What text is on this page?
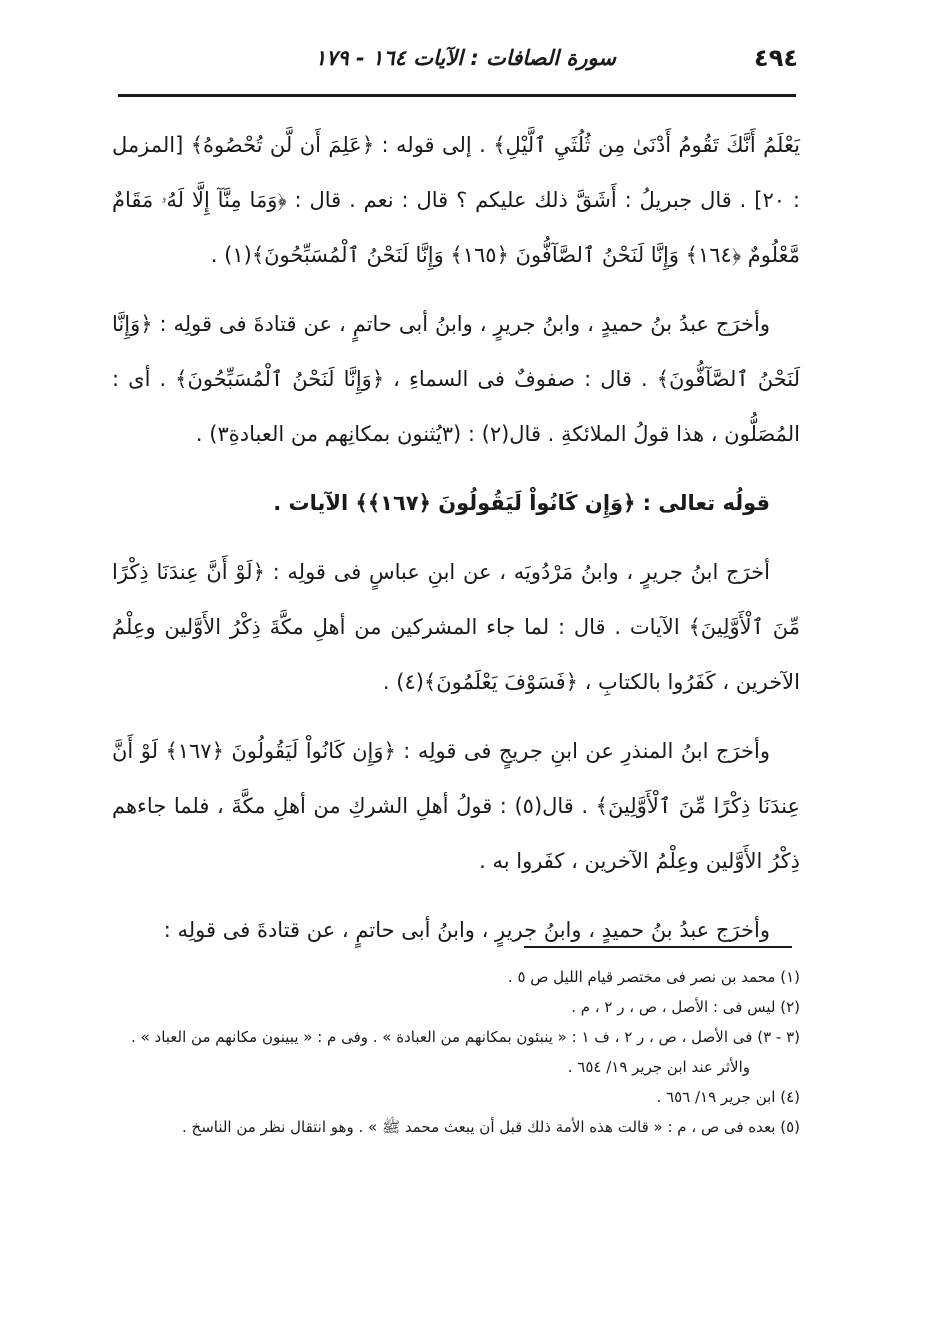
٤٩٤
سورة الصافات : الآيات ١٦٤ - ١٧٩

يَعْلَمُ أَنَّكَ تَقُومُ أَدْنَىٰ مِن ثُلُثَيِ ٱلَّيْلِ﴾ . إلى قوله : ﴿عَلِمَ أَن لَّن تُحْصُوهُ﴾ [المزمل : ٢٠] . قال جبريلُ : أَشَقَّ ذلك عليكم ؟ قال : نعم . قال : ﴿وَمَا مِنَّآ إِلَّا لَهُۥ مَقَامٌ مَّعْلُومٌ ﴿١٦٤﴾ وَإِنَّا لَنَحْنُ ٱلصَّآفُّونَ ﴿١٦٥﴾ وَإِنَّا لَنَحْنُ ٱلْمُسَبِّحُونَ﴾(١) .

وأخرَج عبدُ بنُ حميدٍ ، وابنُ جريرٍ ، وابنُ أبى حاتمٍ ، عن قتادةَ فى قولِه : ﴿وَإِنَّا لَنَحْنُ ٱلصَّآفُّونَ﴾ . قال : صفوفٌ فى السماءِ ، ﴿وَإِنَّا لَنَحْنُ ٱلْمُسَبِّحُونَ﴾ . أى : المُصَلُّون ، هذا قولُ الملائكةِ . قال(٢) : (٣يُثنون بمكانِهم من العبادةِ٣) .

قولُه تعالى : ﴿وَإِن كَانُواْ لَيَقُولُونَ ﴿١٦٧﴾﴾ الآيات .

أخرَج ابنُ جريرٍ ، وابنُ مَرْدُويَه ، عن ابنِ عباسٍ فى قولِه : ﴿لَوْ أَنَّ عِندَنَا ذِكْرًا مِّنَ ٱلْأَوَّلِينَ﴾ الآيات . قال : لما جاء المشركين من أهلِ مكَّةَ ذِكْرُ الأَوَّلين وعِلْمُ الآخرين ، كَفَرُوا بالكتابِ ، ﴿فَسَوْفَ يَعْلَمُونَ﴾(٤) .

وأخرَج ابنُ المنذرِ عن ابنِ جريجٍ فى قولِه : ﴿وَإِن كَانُواْ لَيَقُولُونَ ﴿١٦٧﴾ لَوْ أَنَّ عِندَنَا ذِكْرًا مِّنَ ٱلْأَوَّلِينَ﴾ . قال(٥) : قولُ أهلِ الشركِ من أهلِ مكَّةَ ، فلما جاءهم ذِكْرُ الأَوَّلين وعِلْمُ الآخرين ، كفَروا به .

وأخرَج عبدُ بنُ حميدٍ ، وابنُ جريرٍ ، وابنُ أبى حاتمٍ ، عن قتادةَ فى قولِه :

(١) محمد بن نصر فى مختصر قيام الليل ص ٥ .

(٢) ليس فى : الأصل ، ص ، ر ٢ ، م .

(٣ - ٣) فى الأصل ، ص ، ر ٢ ، ف ١ : « ينبئون بمكانهم من العبادة » . وفى م : « يبينون مكانهم من العباد » .

والأثر عند ابن جرير ١٩/ ٦٥٤ .

(٤) ابن جرير ١٩/ ٦٥٦ .

(٥) بعده فى ص ، م : « قالت هذه الأمة ذلك قبل أن يبعث محمد ﷺ » . وهو انتقال نظر من الناسخ .
